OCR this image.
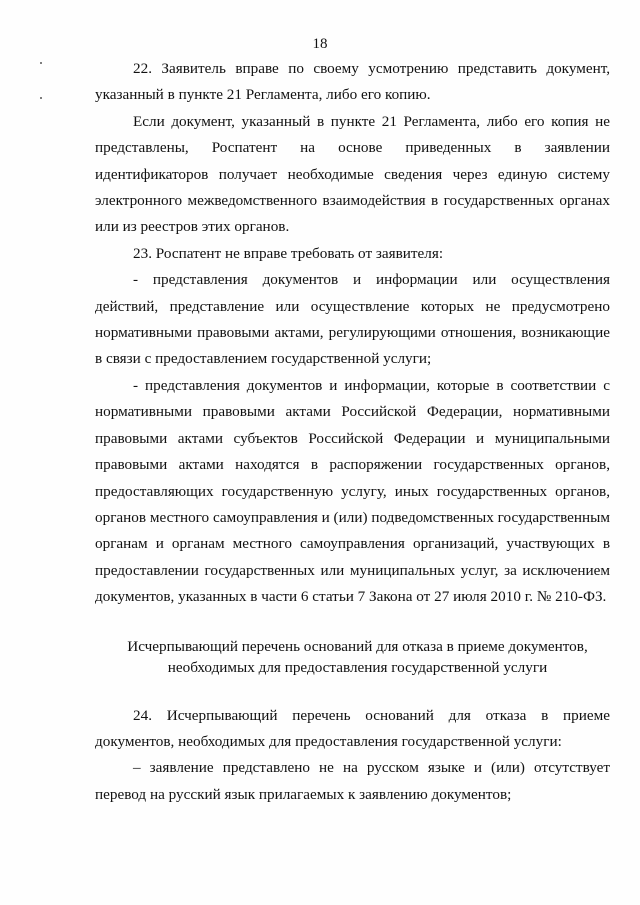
18

22. Заявитель вправе по своему усмотрению представить документ, указанный в пункте 21 Регламента, либо его копию.

Если документ, указанный в пункте 21 Регламента, либо его копия не представлены, Роспатент на основе приведенных в заявлении идентификаторов получает необходимые сведения через единую систему электронного межведомственного взаимодействия в государственных органах или из реестров этих органов.

23. Роспатент не вправе требовать от заявителя:

- представления документов и информации или осуществления действий, представление или осуществление которых не предусмотрено нормативными правовыми актами, регулирующими отношения, возникающие в связи с предоставлением государственной услуги;

- представления документов и информации, которые в соответствии с нормативными правовыми актами Российской Федерации, нормативными правовыми актами субъектов Российской Федерации и муниципальными правовыми актами находятся в распоряжении государственных органов, предоставляющих государственную услугу, иных государственных органов, органов местного самоуправления и (или) подведомственных государственным органам и органам местного самоуправления организаций, участвующих в предоставлении государственных или муниципальных услуг, за исключением документов, указанных в части 6 статьи 7 Закона от 27 июля 2010 г. № 210-ФЗ.

Исчерпывающий перечень оснований для отказа в приеме документов,
необходимых для предоставления государственной услуги

24. Исчерпывающий перечень оснований для отказа в приеме документов, необходимых для предоставления государственной услуги:

– заявление представлено не на русском языке и (или) отсутствует перевод на русский язык прилагаемых к заявлению документов;
